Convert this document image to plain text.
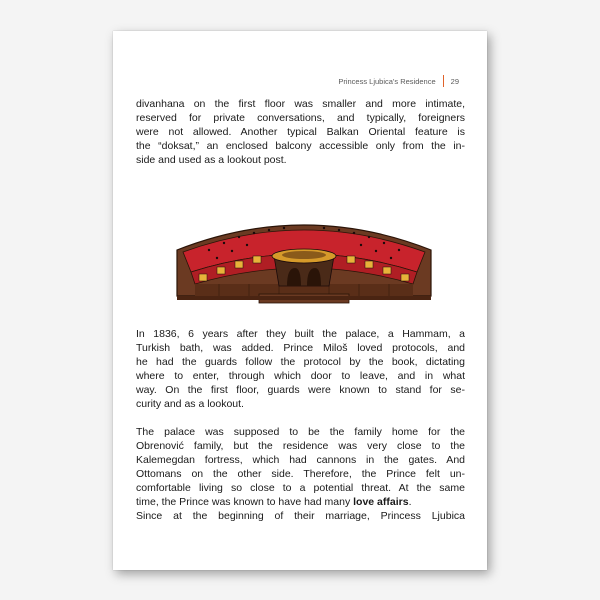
Princess Ljubica's Residence 29

divanhana on the first floor was smaller and more intimate,
reserved for private conversations, and typically, foreigners
were not allowed. Another typical Balkan Oriental feature is
the “doksat,” an enclosed balcony accessible only from the in-
side and used as a lookout post.

In 1836, 6 years after they built the palace, a Hammam, a
Turkish bath, was added. Prince Miloš loved protocols, and
he had the guards follow the protocol by the book, dictating
where to enter, through which door to leave, and in what
way. On the first floor, guards were known to stand for se-
curity and as a lookout.

The palace was supposed to be the family home for the
Obrenović family, but the residence was very close to the
Kalemegdan fortress, which had cannons in the gates. And
Ottomans on the other side. Therefore, the Prince felt un-
comfortable living so close to a potential threat. At the same
time, the Prince was known to have had many love affairs.
Since at the beginning of their marriage, Princess Ljubica
